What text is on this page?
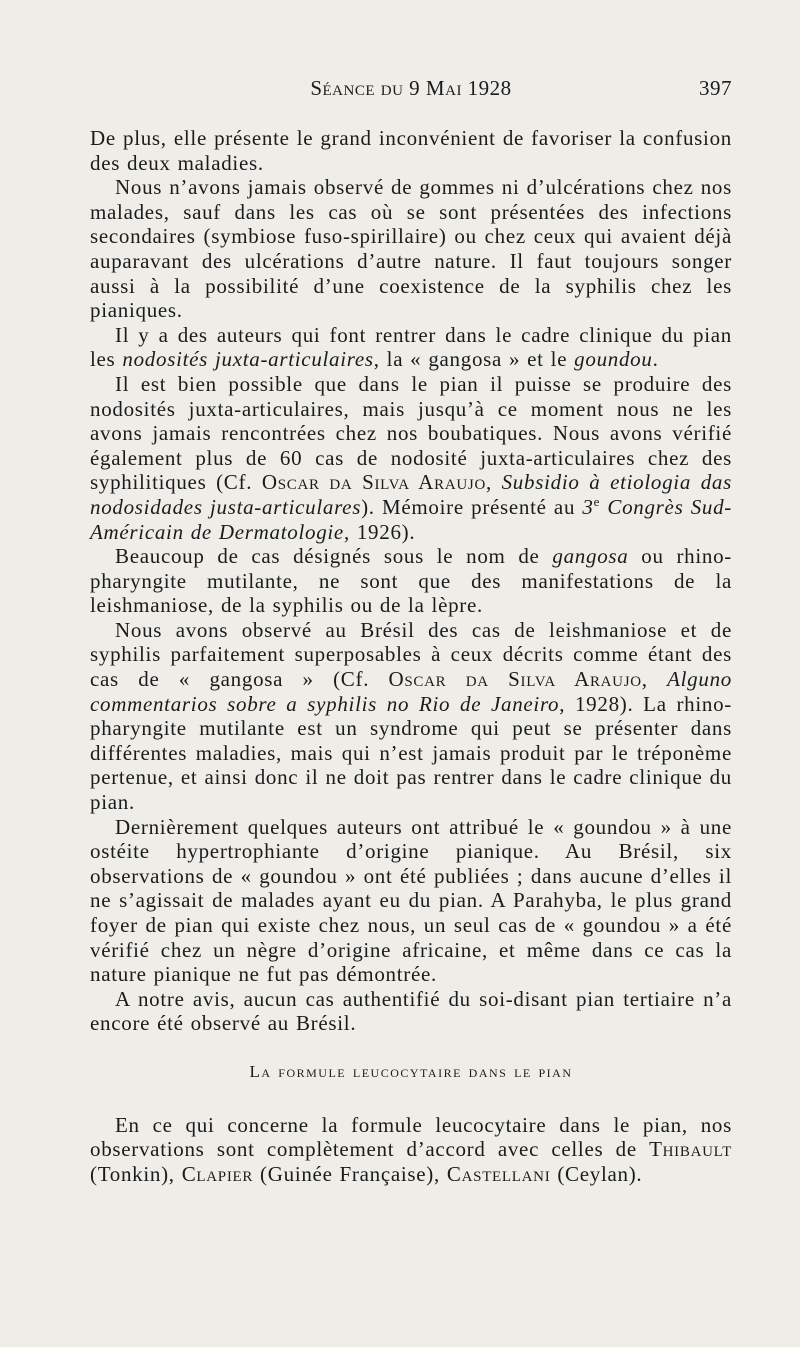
Séance du 9 Mai 1928	397

De plus, elle présente le grand inconvénient de favoriser la confusion des deux maladies.

Nous n’avons jamais observé de gommes ni d’ulcérations chez nos malades, sauf dans les cas où se sont présentées des infections secondaires (symbiose fuso-spirillaire) ou chez ceux qui avaient déjà auparavant des ulcérations d’autre nature. Il faut toujours songer aussi à la possibilité d’une coexistence de la syphilis chez les pianiques.

Il y a des auteurs qui font rentrer dans le cadre clinique du pian les nodosités juxta-articulaires, la « gangosa » et le goundou.

Il est bien possible que dans le pian il puisse se produire des nodosités juxta-articulaires, mais jusqu’à ce moment nous ne les avons jamais rencontrées chez nos boubatiques. Nous avons vérifié également plus de 60 cas de nodosité juxta-articulaires chez des syphilitiques (Cf. Oscar da Silva Araujo, Subsidio à etiologia das nodosidades justa-articulares). Mémoire présenté au 3e Congrès Sud-Américain de Dermatologie, 1926).

Beaucoup de cas désignés sous le nom de gangosa ou rhino-pharyngite mutilante, ne sont que des manifestations de la leishmaniose, de la syphilis ou de la lèpre.

Nous avons observé au Brésil des cas de leishmaniose et de syphilis parfaitement superposables à ceux décrits comme étant des cas de « gangosa » (Cf. Oscar da Silva Araujo, Alguno commentarios sobre a syphilis no Rio de Janeiro, 1928). La rhino-pharyngite mutilante est un syndrome qui peut se présenter dans différentes maladies, mais qui n’est jamais produit par le tréponème pertenue, et ainsi donc il ne doit pas rentrer dans le cadre clinique du pian.

Dernièrement quelques auteurs ont attribué le « goundou » à une ostéite hypertrophiante d’origine pianique. Au Brésil, six observations de « goundou » ont été publiées ; dans aucune d’elles il ne s’agissait de malades ayant eu du pian. A Parahyba, le plus grand foyer de pian qui existe chez nous, un seul cas de « goundou » a été vérifié chez un nègre d’origine africaine, et même dans ce cas la nature pianique ne fut pas démontrée.

A notre avis, aucun cas authentifié du soi-disant pian tertiaire n’a encore été observé au Brésil.

La formule leucocytaire dans le pian

En ce qui concerne la formule leucocytaire dans le pian, nos observations sont complètement d’accord avec celles de Thibault (Tonkin), Clapier (Guinée Française), Castellani (Ceylan).
